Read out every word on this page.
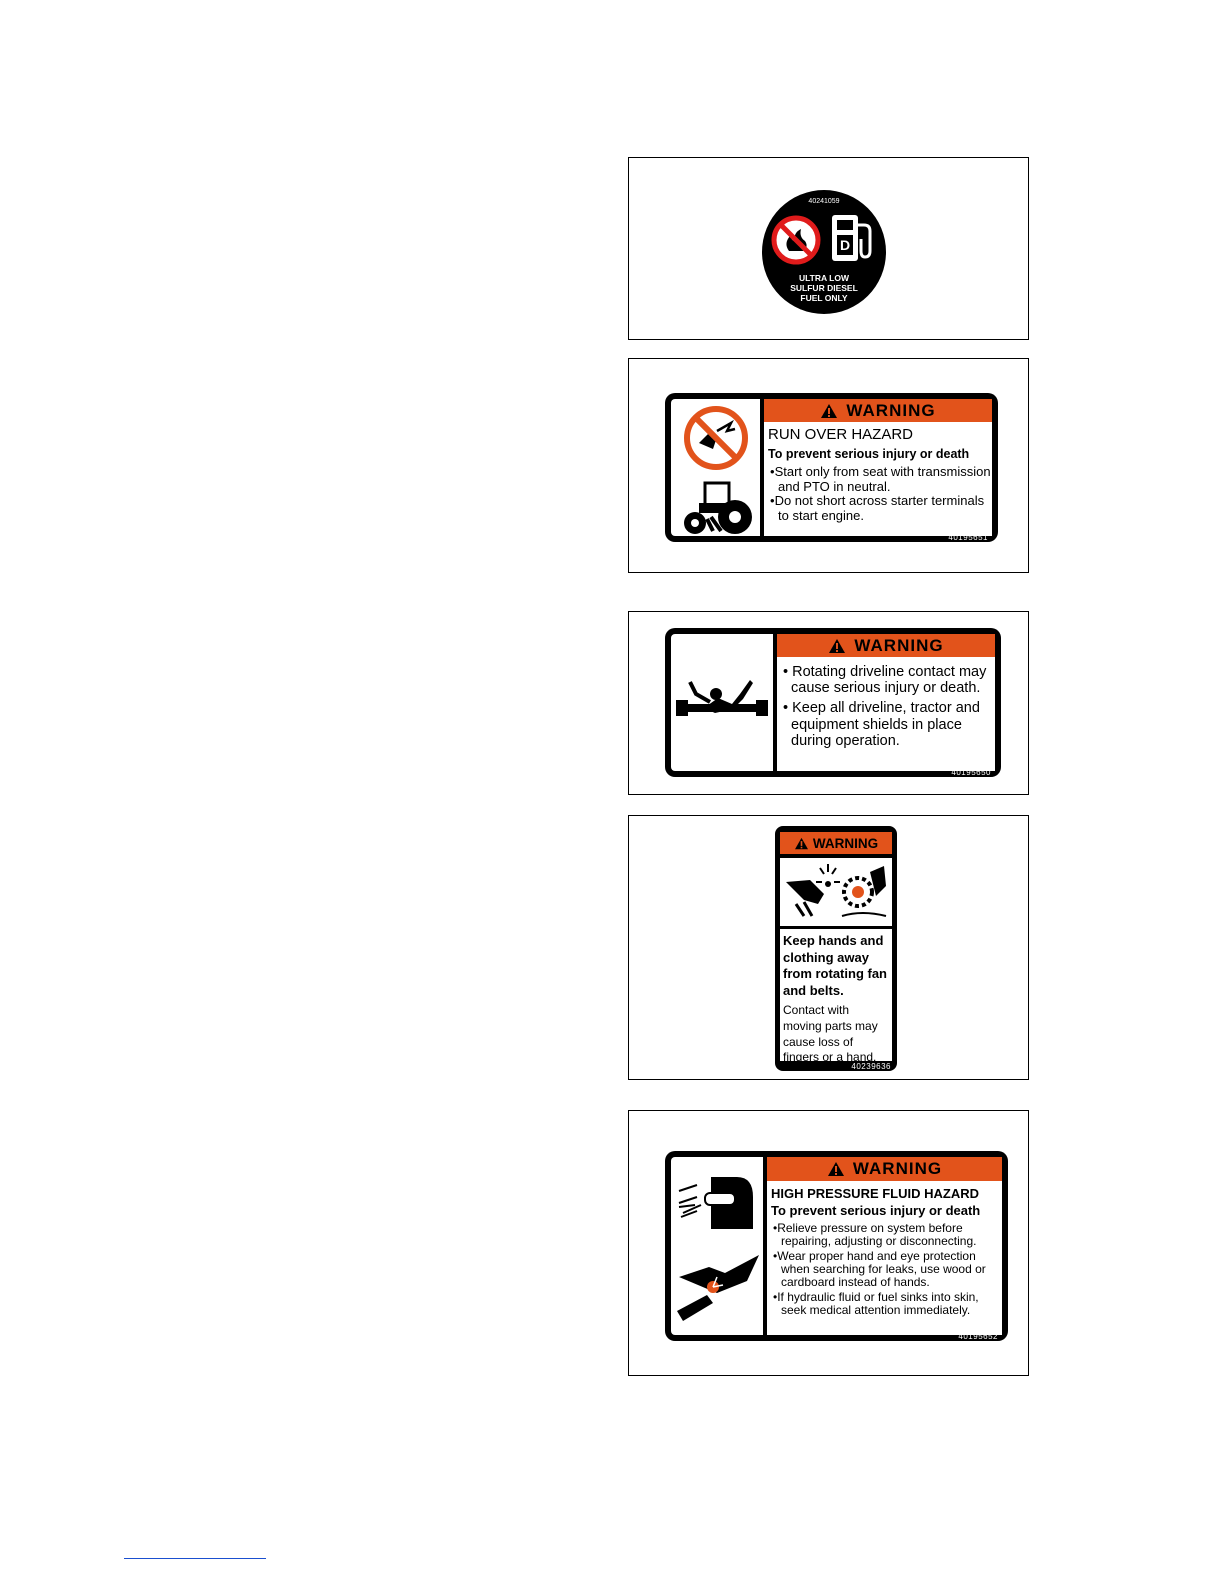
40241059
D
ULTRA LOW
SULFUR DIESEL
FUEL ONLY
WARNING
RUN OVER HAZARD
To prevent serious injury or death
•Start only from seat with transmission and PTO in neutral.
•Do not short across starter terminals to start engine.
40195651
WARNING
• Rotating driveline contact may cause serious injury or death.
• Keep all driveline, tractor and equipment shields in place during operation.
40195650
WARNING
Keep hands and clothing away from rotating fan and belts.
Contact with moving parts may cause loss of fingers or a hand.
40239636
WARNING
HIGH PRESSURE FLUID HAZARD
To prevent serious injury or death
•Relieve pressure on system before repairing, adjusting or disconnecting.
•Wear proper hand and eye protection when searching for leaks, use wood or cardboard instead of hands.
•If hydraulic fluid or fuel sinks into skin, seek medical attention immediately.
40195652
